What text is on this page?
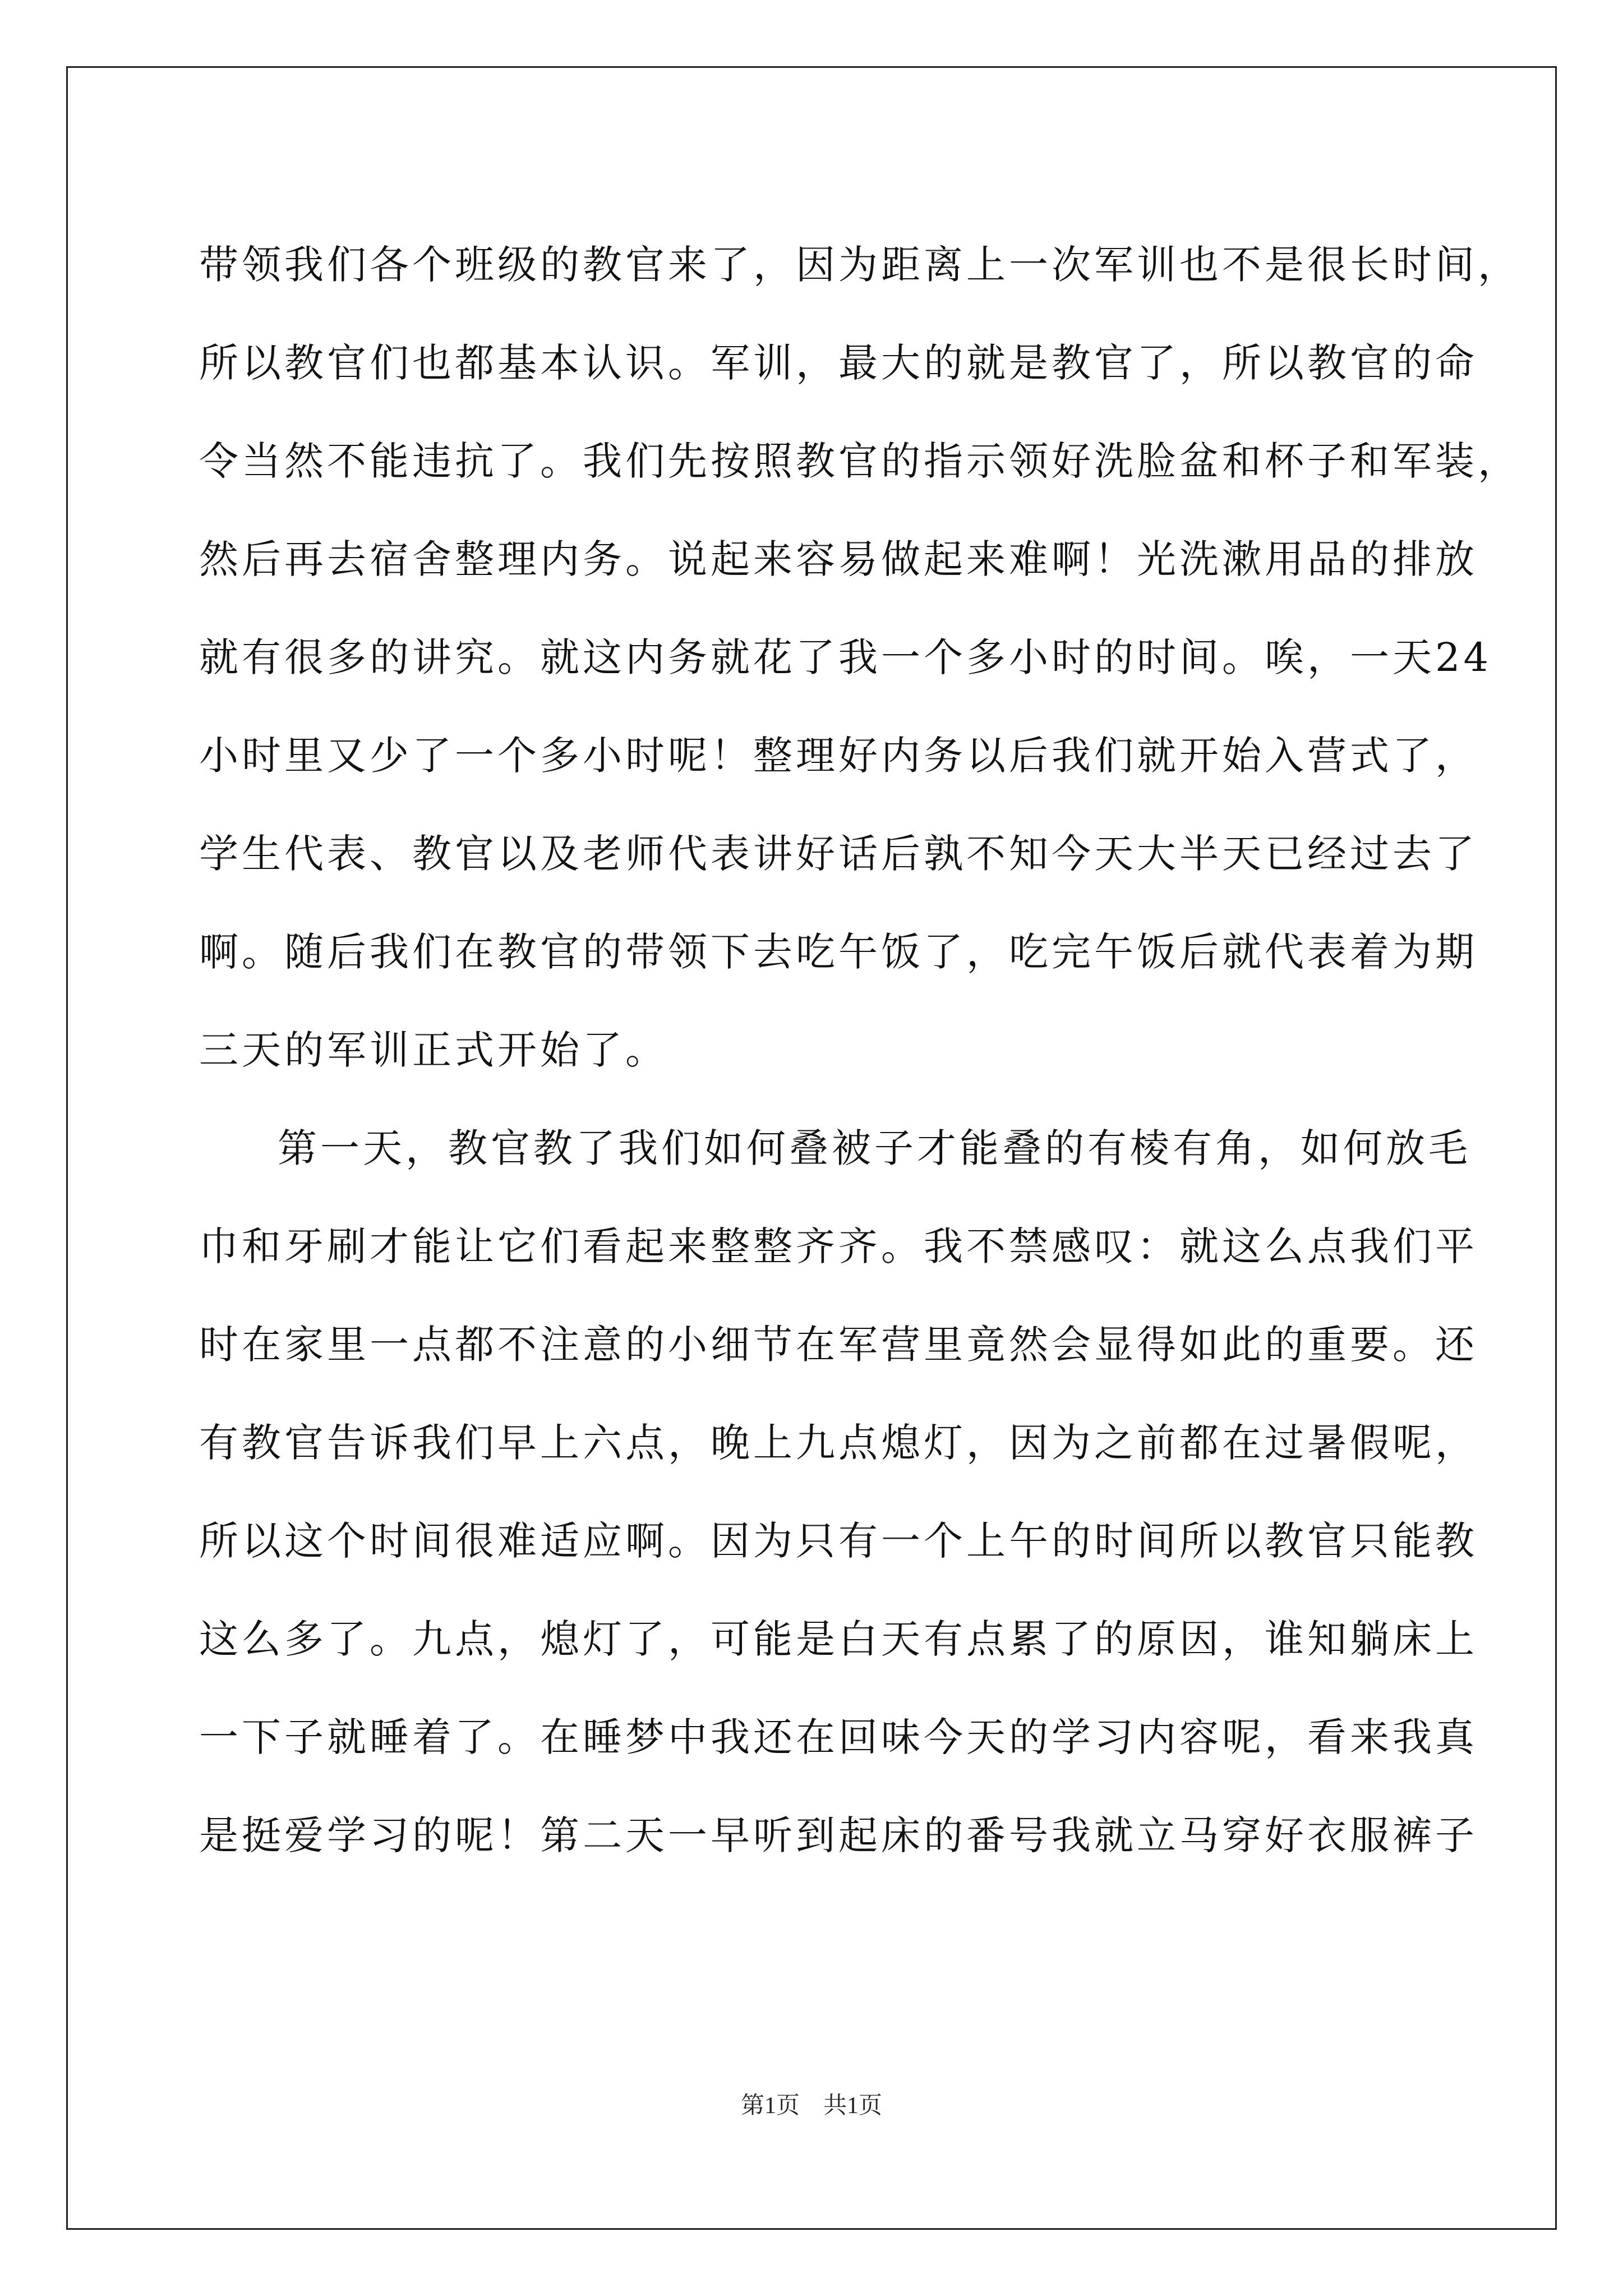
带领我们各个班级的教官来了，因为距离上一次军训也不是很长时间，
所以教官们也都基本认识。军训，最大的就是教官了，所以教官的命
令当然不能违抗了。我们先按照教官的指示领好洗脸盆和杯子和军装，
然后再去宿舍整理内务。说起来容易做起来难啊！光洗漱用品的排放
就有很多的讲究。就这内务就花了我一个多小时的时间。唉，一天24
小时里又少了一个多小时呢！整理好内务以后我们就开始入营式了，
学生代表、教官以及老师代表讲好话后孰不知今天大半天已经过去了
啊。随后我们在教官的带领下去吃午饭了，吃完午饭后就代表着为期
三天的军训正式开始了。
第一天，教官教了我们如何叠被子才能叠的有棱有角，如何放毛
巾和牙刷才能让它们看起来整整齐齐。我不禁感叹：就这么点我们平
时在家里一点都不注意的小细节在军营里竟然会显得如此的重要。还
有教官告诉我们早上六点，晚上九点熄灯，因为之前都在过暑假呢，
所以这个时间很难适应啊。因为只有一个上午的时间所以教官只能教
这么多了。九点，熄灯了，可能是白天有点累了的原因，谁知躺床上
一下子就睡着了。在睡梦中我还在回味今天的学习内容呢，看来我真
是挺爱学习的呢！第二天一早听到起床的番号我就立马穿好衣服裤子
第1页　共1页
